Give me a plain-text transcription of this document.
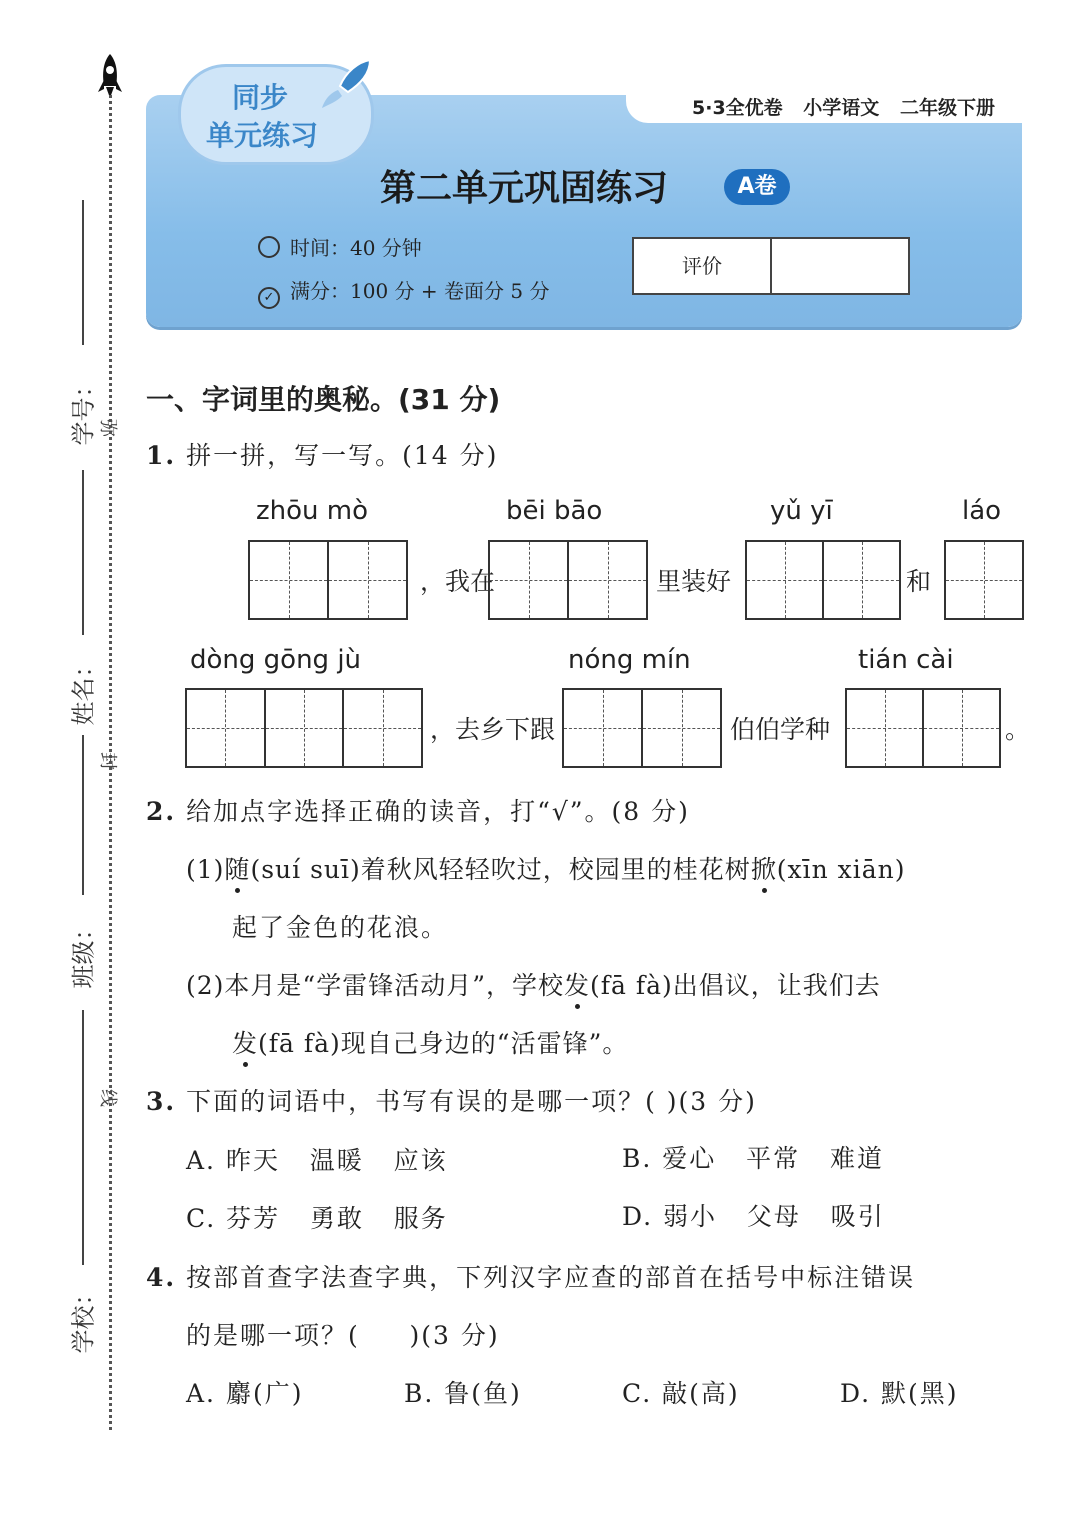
学号：
姓名：
班级：
学校：
弥
封
线
5·3全优卷 小学语文 二年级下册
同步
单元练习
第二单元巩固练习	A卷
时间：40 分钟
✓ 满分：100 分 + 卷面分 5 分
评价
一、字词里的奥秘。(31 分)
1. 拼一拼，写一写。(14 分)
zhōu mò	bēi bāo	yǔ yī	láo
，我在	里装好	和
dòng gōng jù	nóng mín	tián cài
，去乡下跟	伯伯学种	。
2. 给加点字选择正确的读音，打“√”。(8 分)
(1)随(suí suī)着秋风轻轻吹过，校园里的桂花树掀(xīn xiān)
起了金色的花浪。
(2)本月是“学雷锋活动月”，学校发(fā fà)出倡议，让我们去
发(fā fà)现自己身边的“活雷锋”。
3. 下面的词语中，书写有误的是哪一项？( )(3 分)
A. 昨天   温暖   应该	B. 爱心   平常   难道
C. 芬芳   勇敢   服务	D. 弱小   父母   吸引
4. 按部首查字法查字典，下列汉字应查的部首在括号中标注错误
的是哪一项？(     )(3 分)
A. 麝(广)	B. 鲁(鱼)	C. 敲(高)	D. 默(黑)
